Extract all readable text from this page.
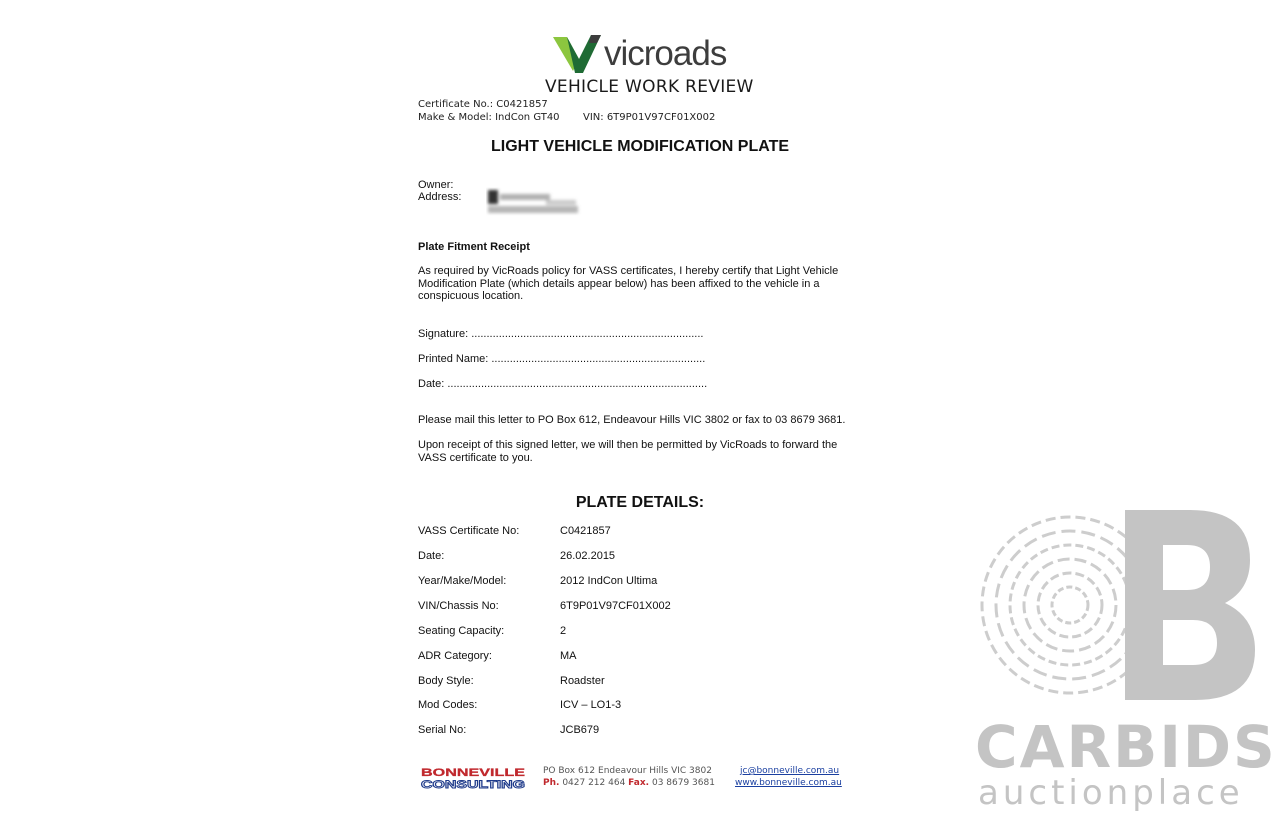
vicroads
VEHICLE WORK REVIEW
Certificate No.: C0421857
Make & Model: IndCon GT40 VIN: 6T9P01V97CF01X002
LIGHT VEHICLE MODIFICATION PLATE
Owner:
Address:
Plate Fitment Receipt
As required by VicRoads policy for VASS certificates, I hereby certify that Light Vehicle Modification Plate (which details appear below) has been affixed to the vehicle in a conspicuous location.
Signature: ............................................................................
Printed Name: ......................................................................
Date: .....................................................................................
Please mail this letter to PO Box 612, Endeavour Hills VIC 3802 or fax to 03 8679 3681.
Upon receipt of this signed letter, we will then be permitted by VicRoads to forward the VASS certificate to you.
PLATE DETAILS:
VASS Certificate No:	C0421857
Date:	26.02.2015
Year/Make/Model:	2012 IndCon Ultima
VIN/Chassis No:	6T9P01V97CF01X002
Seating Capacity:	2
ADR Category:	MA
Body Style:	Roadster
Mod Codes:	ICV – LO1-3
Serial No:	JCB679
BONNEVILLE
CONSULTING
PO Box 612 Endeavour Hills VIC 3802
Ph. 0427 212 464 Fax. 03 8679 3681
jc@bonneville.com.au
www.bonneville.com.au
CARBIDS
auctionplace
